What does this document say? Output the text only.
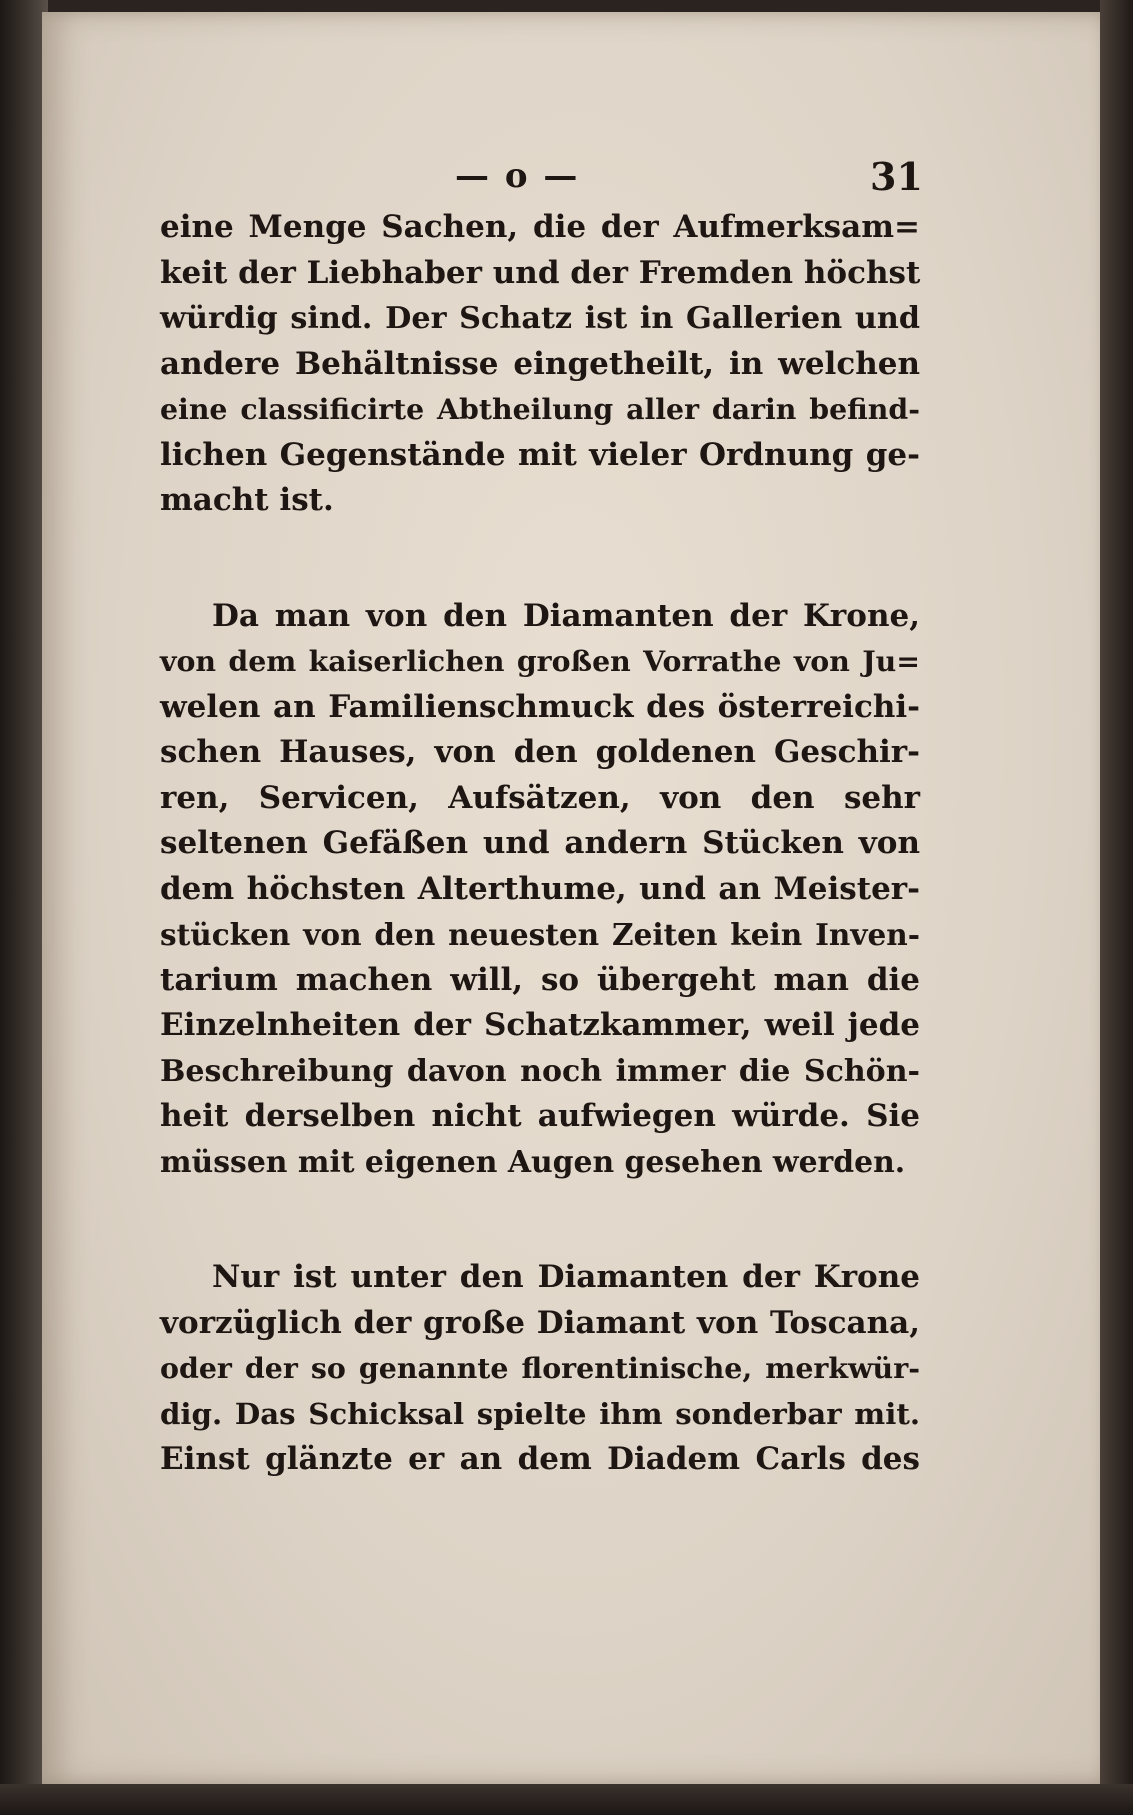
— o —	31
eine Menge Sachen, die der Aufmerksam=
keit der Liebhaber und der Fremden höchst
würdig sind. Der Schatz ist in Gallerien und
andere Behältnisse eingetheilt, in welchen
eine classificirte Abtheilung aller darin befind-
lichen Gegenstände mit vieler Ordnung ge-
macht ist.
Da man von den Diamanten der Krone,
von dem kaiserlichen großen Vorrathe von Ju=
welen an Familienschmuck des österreichi-
schen Hauses, von den goldenen Geschir-
ren, Servicen, Aufsätzen, von den sehr
seltenen Gefäßen und andern Stücken von
dem höchsten Alterthume, und an Meister-
stücken von den neuesten Zeiten kein Inven-
tarium machen will, so übergeht man die
Einzelnheiten der Schatzkammer, weil jede
Beschreibung davon noch immer die Schön-
heit derselben nicht aufwiegen würde. Sie
müssen mit eigenen Augen gesehen werden.
Nur ist unter den Diamanten der Krone
vorzüglich der große Diamant von Toscana,
oder der so genannte florentinische, merkwür-
dig. Das Schicksal spielte ihm sonderbar mit.
Einst glänzte er an dem Diadem Carls des
